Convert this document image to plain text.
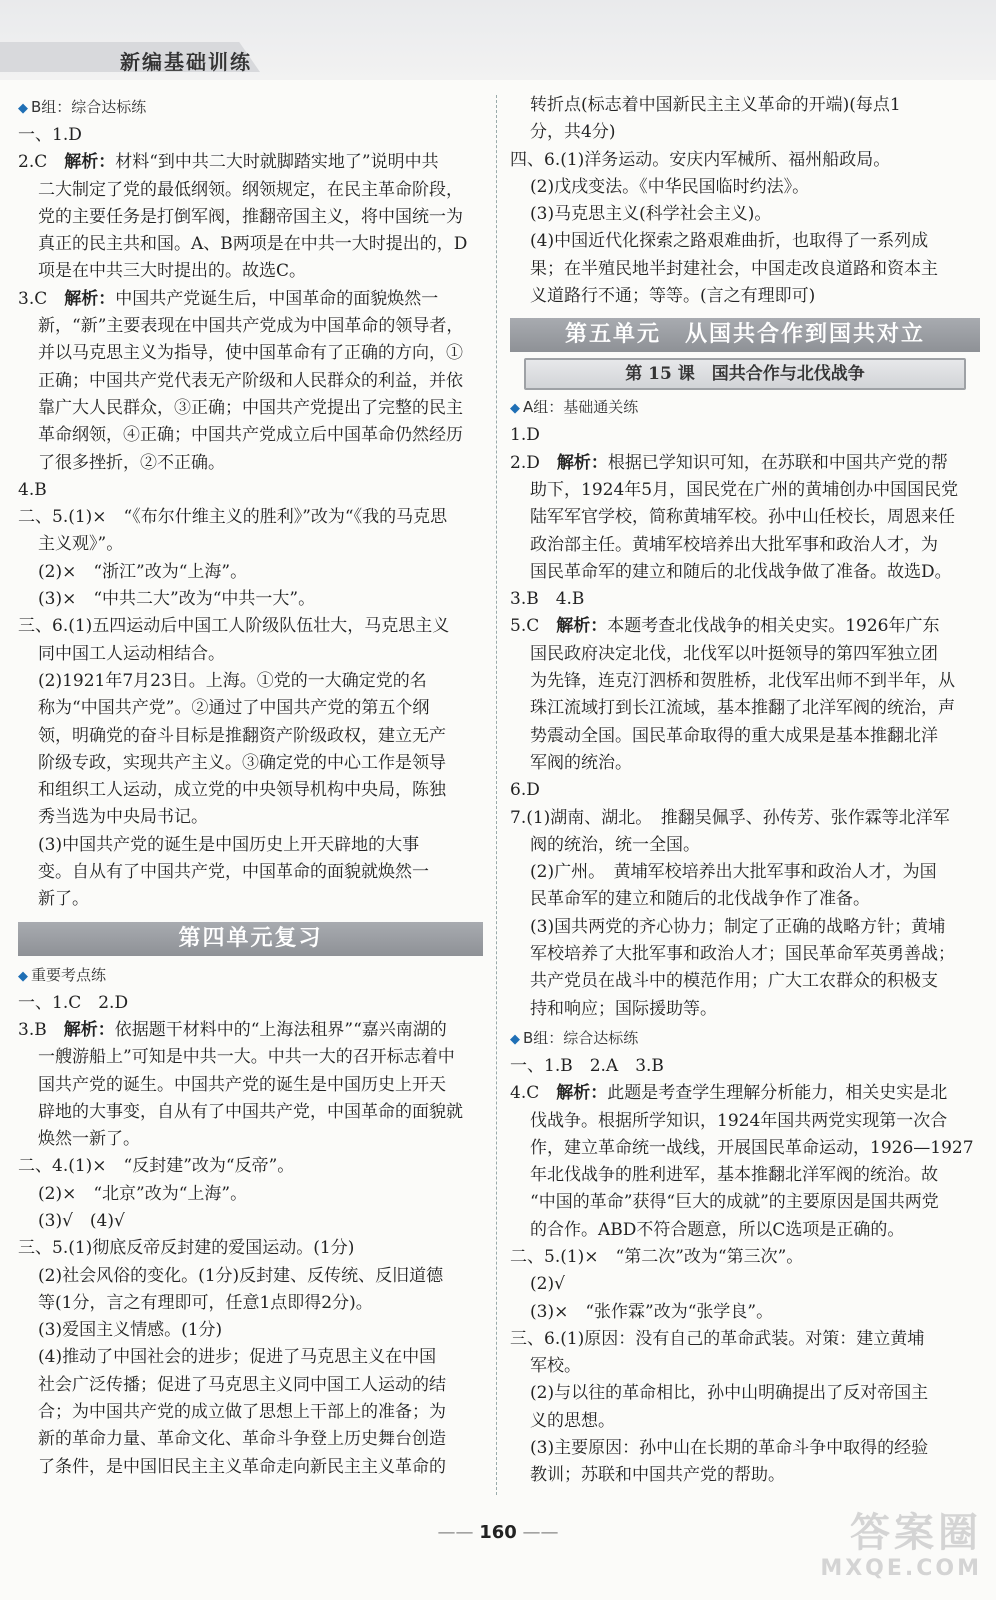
新编基础训练
◆ B组：综合达标练
一、1.D
2.C　 解析：材料“到中共二大时就脚踏实地了”说明中共
二大制定了党的最低纲领。纲领规定，在民主革命阶段，
党的主要任务是打倒军阀，推翻帝国主义，将中国统一为
真正的民主共和国。A、B两项是在中共一大时提出的，D
项是在中共三大时提出的。故选C。
3.C　 解析：中国共产党诞生后，中国革命的面貌焕然一
新，“新”主要表现在中国共产党成为中国革命的领导者，
并以马克思主义为指导，使中国革命有了正确的方向，①
正确；中国共产党代表无产阶级和人民群众的利益，并依
靠广大人民群众，③正确；中国共产党提出了完整的民主
革命纲领，④正确；中国共产党成立后中国革命仍然经历
了很多挫折，②不正确。
4.B
二、5.(1)×　“《布尔什维主义的胜利》”改为“《我的马克思
主义观》”。
(2)×　“浙江”改为“上海”。
(3)×　“中共二大”改为“中共一大”。
三、6.(1)五四运动后中国工人阶级队伍壮大，马克思主义
同中国工人运动相结合。
(2)1921年7月23日。上海。①党的一大确定党的名
称为“中国共产党”。②通过了中国共产党的第五个纲
领，明确党的奋斗目标是推翻资产阶级政权，建立无产
阶级专政，实现共产主义。③确定党的中心工作是领导
和组织工人运动，成立党的中央领导机构中央局，陈独
秀当选为中央局书记。
(3)中国共产党的诞生是中国历史上开天辟地的大事
变。自从有了中国共产党，中国革命的面貌就焕然一
新了。
第四单元复习
◆ 重要考点练
一、1.C　2.D
3.B　 解析：依据题干材料中的“上海法租界”“嘉兴南湖的
一艘游船上”可知是中共一大。中共一大的召开标志着中
国共产党的诞生。中国共产党的诞生是中国历史上开天
辟地的大事变，自从有了中国共产党，中国革命的面貌就
焕然一新了。
二、4.(1)×　“反封建”改为“反帝”。
(2)×　“北京”改为“上海”。
(3)√　(4)√
三、5.(1)彻底反帝反封建的爱国运动。(1分)
(2)社会风俗的变化。(1分)反封建、反传统、反旧道德
等(1分，言之有理即可，任意1点即得2分)。
(3)爱国主义情感。(1分)
(4)推动了中国社会的进步；促进了马克思主义在中国
社会广泛传播；促进了马克思主义同中国工人运动的结
合；为中国共产党的成立做了思想上干部上的准备；为
新的革命力量、革命文化、革命斗争登上历史舞台创造
了条件，是中国旧民主主义革命走向新民主主义革命的
转折点(标志着中国新民主主义革命的开端)(每点1
分，共4分)
四、6.(1)洋务运动。安庆内军械所、福州船政局。
(2)戊戌变法。《中华民国临时约法》。
(3)马克思主义(科学社会主义)。
(4)中国近代化探索之路艰难曲折，也取得了一系列成
果；在半殖民地半封建社会，中国走改良道路和资本主
义道路行不通；等等。(言之有理即可)
第五单元　从国共合作到国共对立
第 15 课　国共合作与北伐战争
◆ A组：基础通关练
1.D
2.D　 解析：根据已学知识可知，在苏联和中国共产党的帮
助下，1924年5月，国民党在广州的黄埔创办中国国民党
陆军军官学校，简称黄埔军校。孙中山任校长，周恩来任
政治部主任。黄埔军校培养出大批军事和政治人才，为
国民革命军的建立和随后的北伐战争做了准备。故选D。
3.B　4.B
5.C　 解析：本题考查北伐战争的相关史实。1926年广东
国民政府决定北伐，北伐军以叶挺领导的第四军独立团
为先锋，连克汀泗桥和贺胜桥，北伐军出师不到半年，从
珠江流域打到长江流域，基本推翻了北洋军阀的统治，声
势震动全国。国民革命取得的重大成果是基本推翻北洋
军阀的统治。
6.D
7.(1)湖南、湖北。　推翻吴佩孚、孙传芳、张作霖等北洋军
阀的统治，统一全国。
(2)广州。　黄埔军校培养出大批军事和政治人才，为国
民革命军的建立和随后的北伐战争作了准备。
(3)国共两党的齐心协力；制定了正确的战略方针；黄埔
军校培养了大批军事和政治人才；国民革命军英勇善战；
共产党员在战斗中的模范作用；广大工农群众的积极支
持和响应；国际援助等。
◆ B组：综合达标练
一、1.B　2.A　3.B
4.C　 解析：此题是考查学生理解分析能力，相关史实是北
伐战争。根据所学知识，1924年国共两党实现第一次合
作，建立革命统一战线，开展国民革命运动，1926—1927
年北伐战争的胜利进军，基本推翻北洋军阀的统治。故
“中国的革命”获得“巨大的成就”的主要原因是国共两党
的合作。ABD不符合题意，所以C选项是正确的。
二、5.(1)×　“第二次”改为“第三次”。
(2)√
(3)×　“张作霖”改为“张学良”。
三、6.(1)原因：没有自己的革命武装。对策：建立黄埔
军校。
(2)与以往的革命相比，孙中山明确提出了反对帝国主
义的思想。
(3)主要原因：孙中山在长期的革命斗争中取得的经验
教训；苏联和中国共产党的帮助。
—— 160 ——	答案圈
MXQE.COM
